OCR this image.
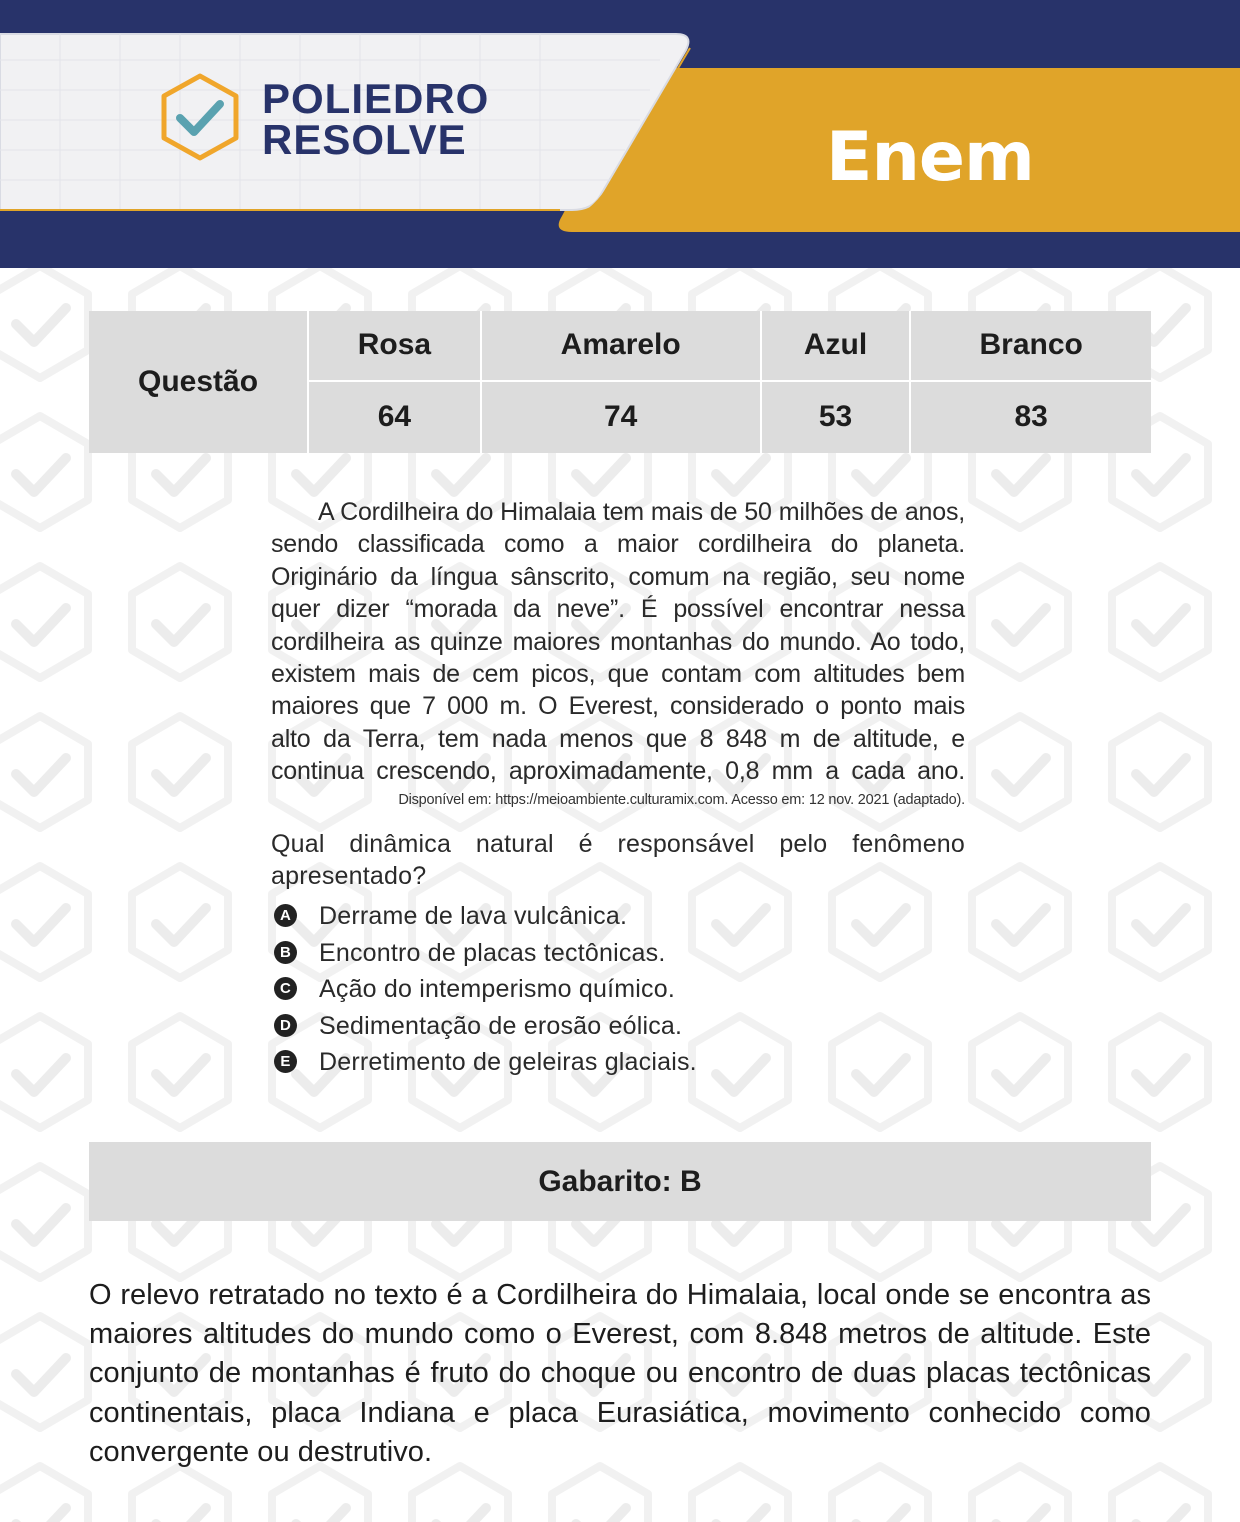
POLIEDRO
RESOLVE	Enem
Questão	Rosa	Amarelo	Azul	Branco
	64	74	53	83

A Cordilheira do Himalaia tem mais de 50 milhões de anos, sendo classificada como a maior cordilheira do planeta. Originário da língua sânscrito, comum na região, seu nome quer dizer “morada da neve”. É possível encontrar nessa cordilheira as quinze maiores montanhas do mundo. Ao todo, existem mais de cem picos, que contam com altitudes bem maiores que 7 000 m. O Everest, considerado o ponto mais alto da Terra, tem nada menos que 8 848 m de altitude, e continua crescendo, aproximadamente, 0,8 mm a cada ano.

Disponível em: https://meioambiente.culturamix.com. Acesso em: 12 nov. 2021 (adaptado).

Qual dinâmica natural é responsável pelo fenômeno apresentado?

A Derrame de lava vulcânica.
B Encontro de placas tectônicas.
C Ação do intemperismo químico.
D Sedimentação de erosão eólica.
E Derretimento de geleiras glaciais.
Gabarito: B

O relevo retratado no texto é a Cordilheira do Himalaia, local onde se encontra as maiores altitudes do mundo como o Everest, com 8.848 metros de altitude. Este conjunto de montanhas é fruto do choque ou encontro de duas placas tectônicas continentais, placa Indiana e placa Eurasiática, movimento conhecido como convergente ou destrutivo.
